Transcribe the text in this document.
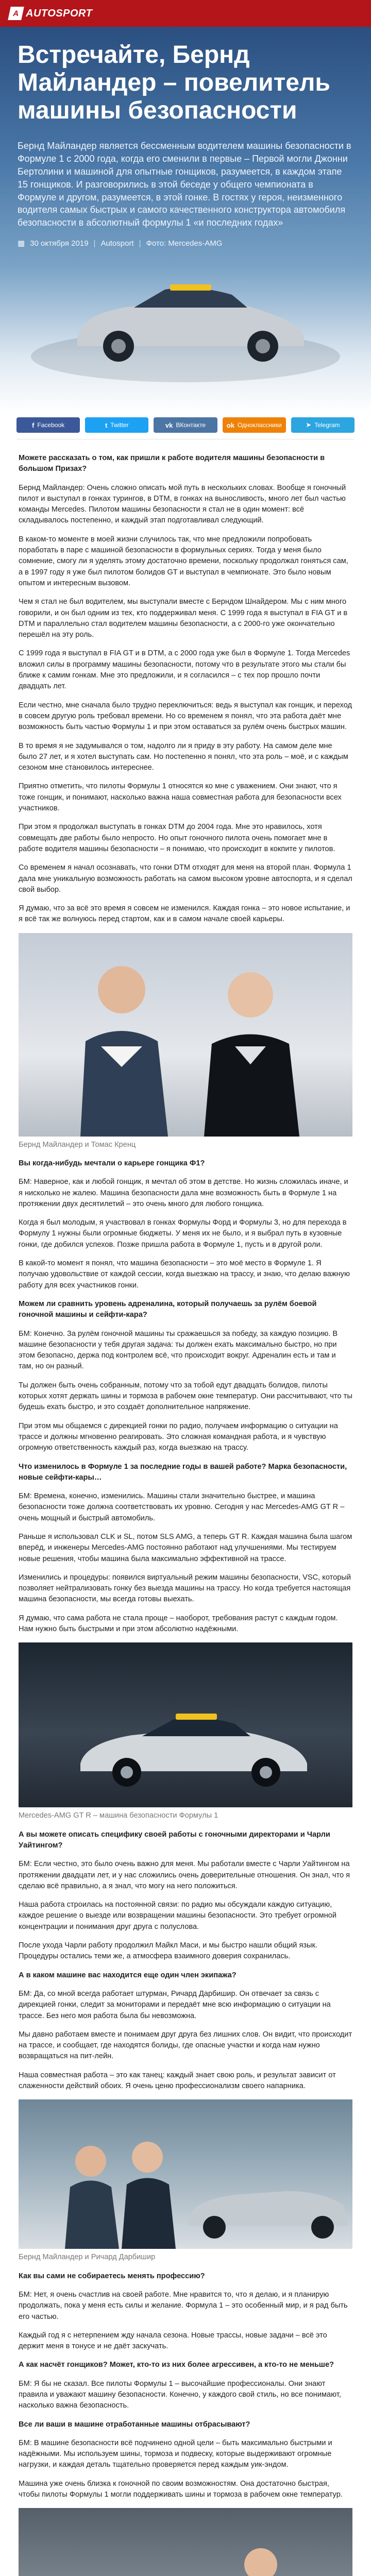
A AUTOSPORT
Встречайте, Бернд Майландер – повелитель машины безопасности

Бернд Майландер является бессменным водителем машины безопасности в Формуле 1 с 2000 года, когда его сменили в первые – Первой могли Джонни Бертолини и машиной для опытные гонщиков, разумеется, в каждом этапе 15 гонщиков. И разговорились в этой беседе у общего чемпионата в Формуле и другом, разумеется, в этой гонке. В гостях у героя, неизменного водителя самых быстрых и самого качественного конструктора автомобиля безопасности в абсолютный формулы 1 «и последних годах»

▦ 30 октября 2019 | Autosport | Фото: Mercedes-AMG
f Facebook	t Twitter	vk ВКонтакте	ok Одноклассники	➤ Telegram

Можете рассказать о том, как пришли к работе водителя машины безопасности в большом Призах?

Бернд Майландер: Очень сложно описать мой путь в нескольких словах. Вообще я гоночный пилот и выступал в гонках турингов, в DTM, в гонках на выносливость, много лет был частью команды Mercedes. Пилотом машины безопасности я стал не в один момент: всё складывалось постепенно, и каждый этап подготавливал следующий.

В каком-то моменте в моей жизни случилось так, что мне предложили попробовать поработать в паре с машиной безопасности в формульных сериях. Тогда у меня было сомнение, смогу ли я уделять этому достаточно времени, поскольку продолжал гоняться сам, а в 1997 году я уже был пилотом болидов GT и выступал в чемпионате. Это было новым опытом и интересным вызовом.

Чем я стал не был водителем, мы выступали вместе с Берндом Шнайдером. Мы с ним много говорили, и он был одним из тех, кто поддерживал меня. С 1999 года я выступал в FIA GT и в DTM и параллельно стал водителем машины безопасности, а с 2000-го уже окончательно перешёл на эту роль.

С 1999 года я выступал в FIA GT и в DTM, а с 2000 года уже был в Формуле 1. Тогда Mercedes вложил силы в программу машины безопасности, потому что в результате этого мы стали бы ближе к самим гонкам. Мне это предложили, и я согласился – с тех пор прошло почти двадцать лет.

Если честно, мне сначала было трудно переключиться: ведь я выступал как гонщик, и переход в совсем другую роль требовал времени. Но со временем я понял, что эта работа даёт мне возможность быть частью Формулы 1 и при этом оставаться за рулём очень быстрых машин.

В то время я не задумывался о том, надолго ли я приду в эту работу. На самом деле мне было 27 лет, и я хотел выступать сам. Но постепенно я понял, что эта роль – моё, и с каждым сезоном мне становилось интереснее.

Приятно отметить, что пилоты Формулы 1 относятся ко мне с уважением. Они знают, что я тоже гонщик, и понимают, насколько важна наша совместная работа для безопасности всех участников.

При этом я продолжал выступать в гонках DTM до 2004 года. Мне это нравилось, хотя совмещать две работы было непросто. Но опыт гоночного пилота очень помогает мне в работе водителя машины безопасности – я понимаю, что происходит в кокпите у пилотов.

Со временем я начал осознавать, что гонки DTM отходят для меня на второй план. Формула 1 дала мне уникальную возможность работать на самом высоком уровне автоспорта, и я сделал свой выбор.

Я думаю, что за всё это время я совсем не изменился. Каждая гонка – это новое испытание, и я всё так же волнуюсь перед стартом, как и в самом начале своей карьеры.

Бернд Майландер и Томас Кренц

Вы когда-нибудь мечтали о карьере гонщика Ф1?

БМ: Наверное, как и любой гонщик, я мечтал об этом в детстве. Но жизнь сложилась иначе, и я нисколько не жалею. Машина безопасности дала мне возможность быть в Формуле 1 на протяжении двух десятилетий – это очень много для любого гонщика.

Когда я был молодым, я участвовал в гонках Формулы Форд и Формулы 3, но для перехода в Формулу 1 нужны были огромные бюджеты. У меня их не было, и я выбрал путь в кузовные гонки, где добился успехов. Позже пришла работа в Формуле 1, пусть и в другой роли.

В какой-то момент я понял, что машина безопасности – это моё место в Формуле 1. Я получаю удовольствие от каждой сессии, когда выезжаю на трассу, и знаю, что делаю важную работу для всех участников гонки.

Можем ли сравнить уровень адреналина, который получаешь за рулём боевой гоночной машины и сейфти-кара?

БМ: Конечно. За рулём гоночной машины ты сражаешься за победу, за каждую позицию. В машине безопасности у тебя другая задача: ты должен ехать максимально быстро, но при этом безопасно, держа под контролем всё, что происходит вокруг. Адреналин есть и там и там, но он разный.

Ты должен быть очень собранным, потому что за тобой едут двадцать болидов, пилоты которых хотят держать шины и тормоза в рабочем окне температур. Они рассчитывают, что ты будешь ехать быстро, и это создаёт дополнительное напряжение.

При этом мы общаемся с дирекцией гонки по радио, получаем информацию о ситуации на трассе и должны мгновенно реагировать. Это сложная командная работа, и я чувствую огромную ответственность каждый раз, когда выезжаю на трассу.

Что изменилось в Формуле 1 за последние годы в вашей работе? Марка безопасности, новые сейфти-кары…

БМ: Времена, конечно, изменились. Машины стали значительно быстрее, и машина безопасности тоже должна соответствовать их уровню. Сегодня у нас Mercedes-AMG GT R – очень мощный и быстрый автомобиль.

Раньше я использовал CLK и SL, потом SLS AMG, а теперь GT R. Каждая машина была шагом вперёд, и инженеры Mercedes-AMG постоянно работают над улучшениями. Мы тестируем новые решения, чтобы машина была максимально эффективной на трассе.

Изменились и процедуры: появился виртуальный режим машины безопасности, VSC, который позволяет нейтрализовать гонку без выезда машины на трассу. Но когда требуется настоящая машина безопасности, мы всегда готовы выехать.

Я думаю, что сама работа не стала проще – наоборот, требования растут с каждым годом. Нам нужно быть быстрыми и при этом абсолютно надёжными.

Mercedes-AMG GT R – машина безопасности Формулы 1

А вы можете описать специфику своей работы с гоночными директорами и Чарли Уайтингом?

БМ: Если честно, это было очень важно для меня. Мы работали вместе с Чарли Уайтингом на протяжении двадцати лет, и у нас сложились очень доверительные отношения. Он знал, что я сделаю всё правильно, а я знал, что могу на него положиться.

Наша работа строилась на постоянной связи: по радио мы обсуждали каждую ситуацию, каждое решение о выезде или возвращении машины безопасности. Это требует огромной концентрации и понимания друг друга с полуслова.

После ухода Чарли работу продолжил Майкл Маси, и мы быстро нашли общий язык. Процедуры остались теми же, а атмосфера взаимного доверия сохранилась.

А в каком машине вас находится еще один член экипажа?

БМ: Да, со мной всегда работает штурман, Ричард Дарбишир. Он отвечает за связь с дирекцией гонки, следит за мониторами и передаёт мне всю информацию о ситуации на трассе. Без него моя работа была бы невозможна.

Мы давно работаем вместе и понимаем друг друга без лишних слов. Он видит, что происходит на трассе, и сообщает, где находятся болиды, где опасные участки и когда нам нужно возвращаться на пит-лейн.

Наша совместная работа – это как танец: каждый знает свою роль, и результат зависит от слаженности действий обоих. Я очень ценю профессионализм своего напарника.

Бернд Майландер и Ричард Дарбишир

Как вы сами не собираетесь менять профессию?

БМ: Нет, я очень счастлив на своей работе. Мне нравится то, что я делаю, и я планирую продолжать, пока у меня есть силы и желание. Формула 1 – это особенный мир, и я рад быть его частью.

Каждый год я с нетерпением жду начала сезона. Новые трассы, новые задачи – всё это держит меня в тонусе и не даёт заскучать.

А как насчёт гонщиков? Может, кто-то из них более агрессивен, а кто-то не меньше?

БМ: Я бы не сказал. Все пилоты Формулы 1 – высочайшие профессионалы. Они знают правила и уважают машину безопасности. Конечно, у каждого свой стиль, но все понимают, насколько важна безопасность.

Все ли ваши в машине отработанные машины отбрасывают?

БМ: В машине безопасности всё подчинено одной цели – быть максимально быстрыми и надёжными. Мы используем шины, тормоза и подвеску, которые выдерживают огромные нагрузки, и каждая деталь тщательно проверяется перед каждым уик-эндом.

Машина уже очень близка к гоночной по своим возможностям. Она достаточно быстрая, чтобы пилоты Формулы 1 могли поддерживать шины и тормоза в рабочем окне температур.
